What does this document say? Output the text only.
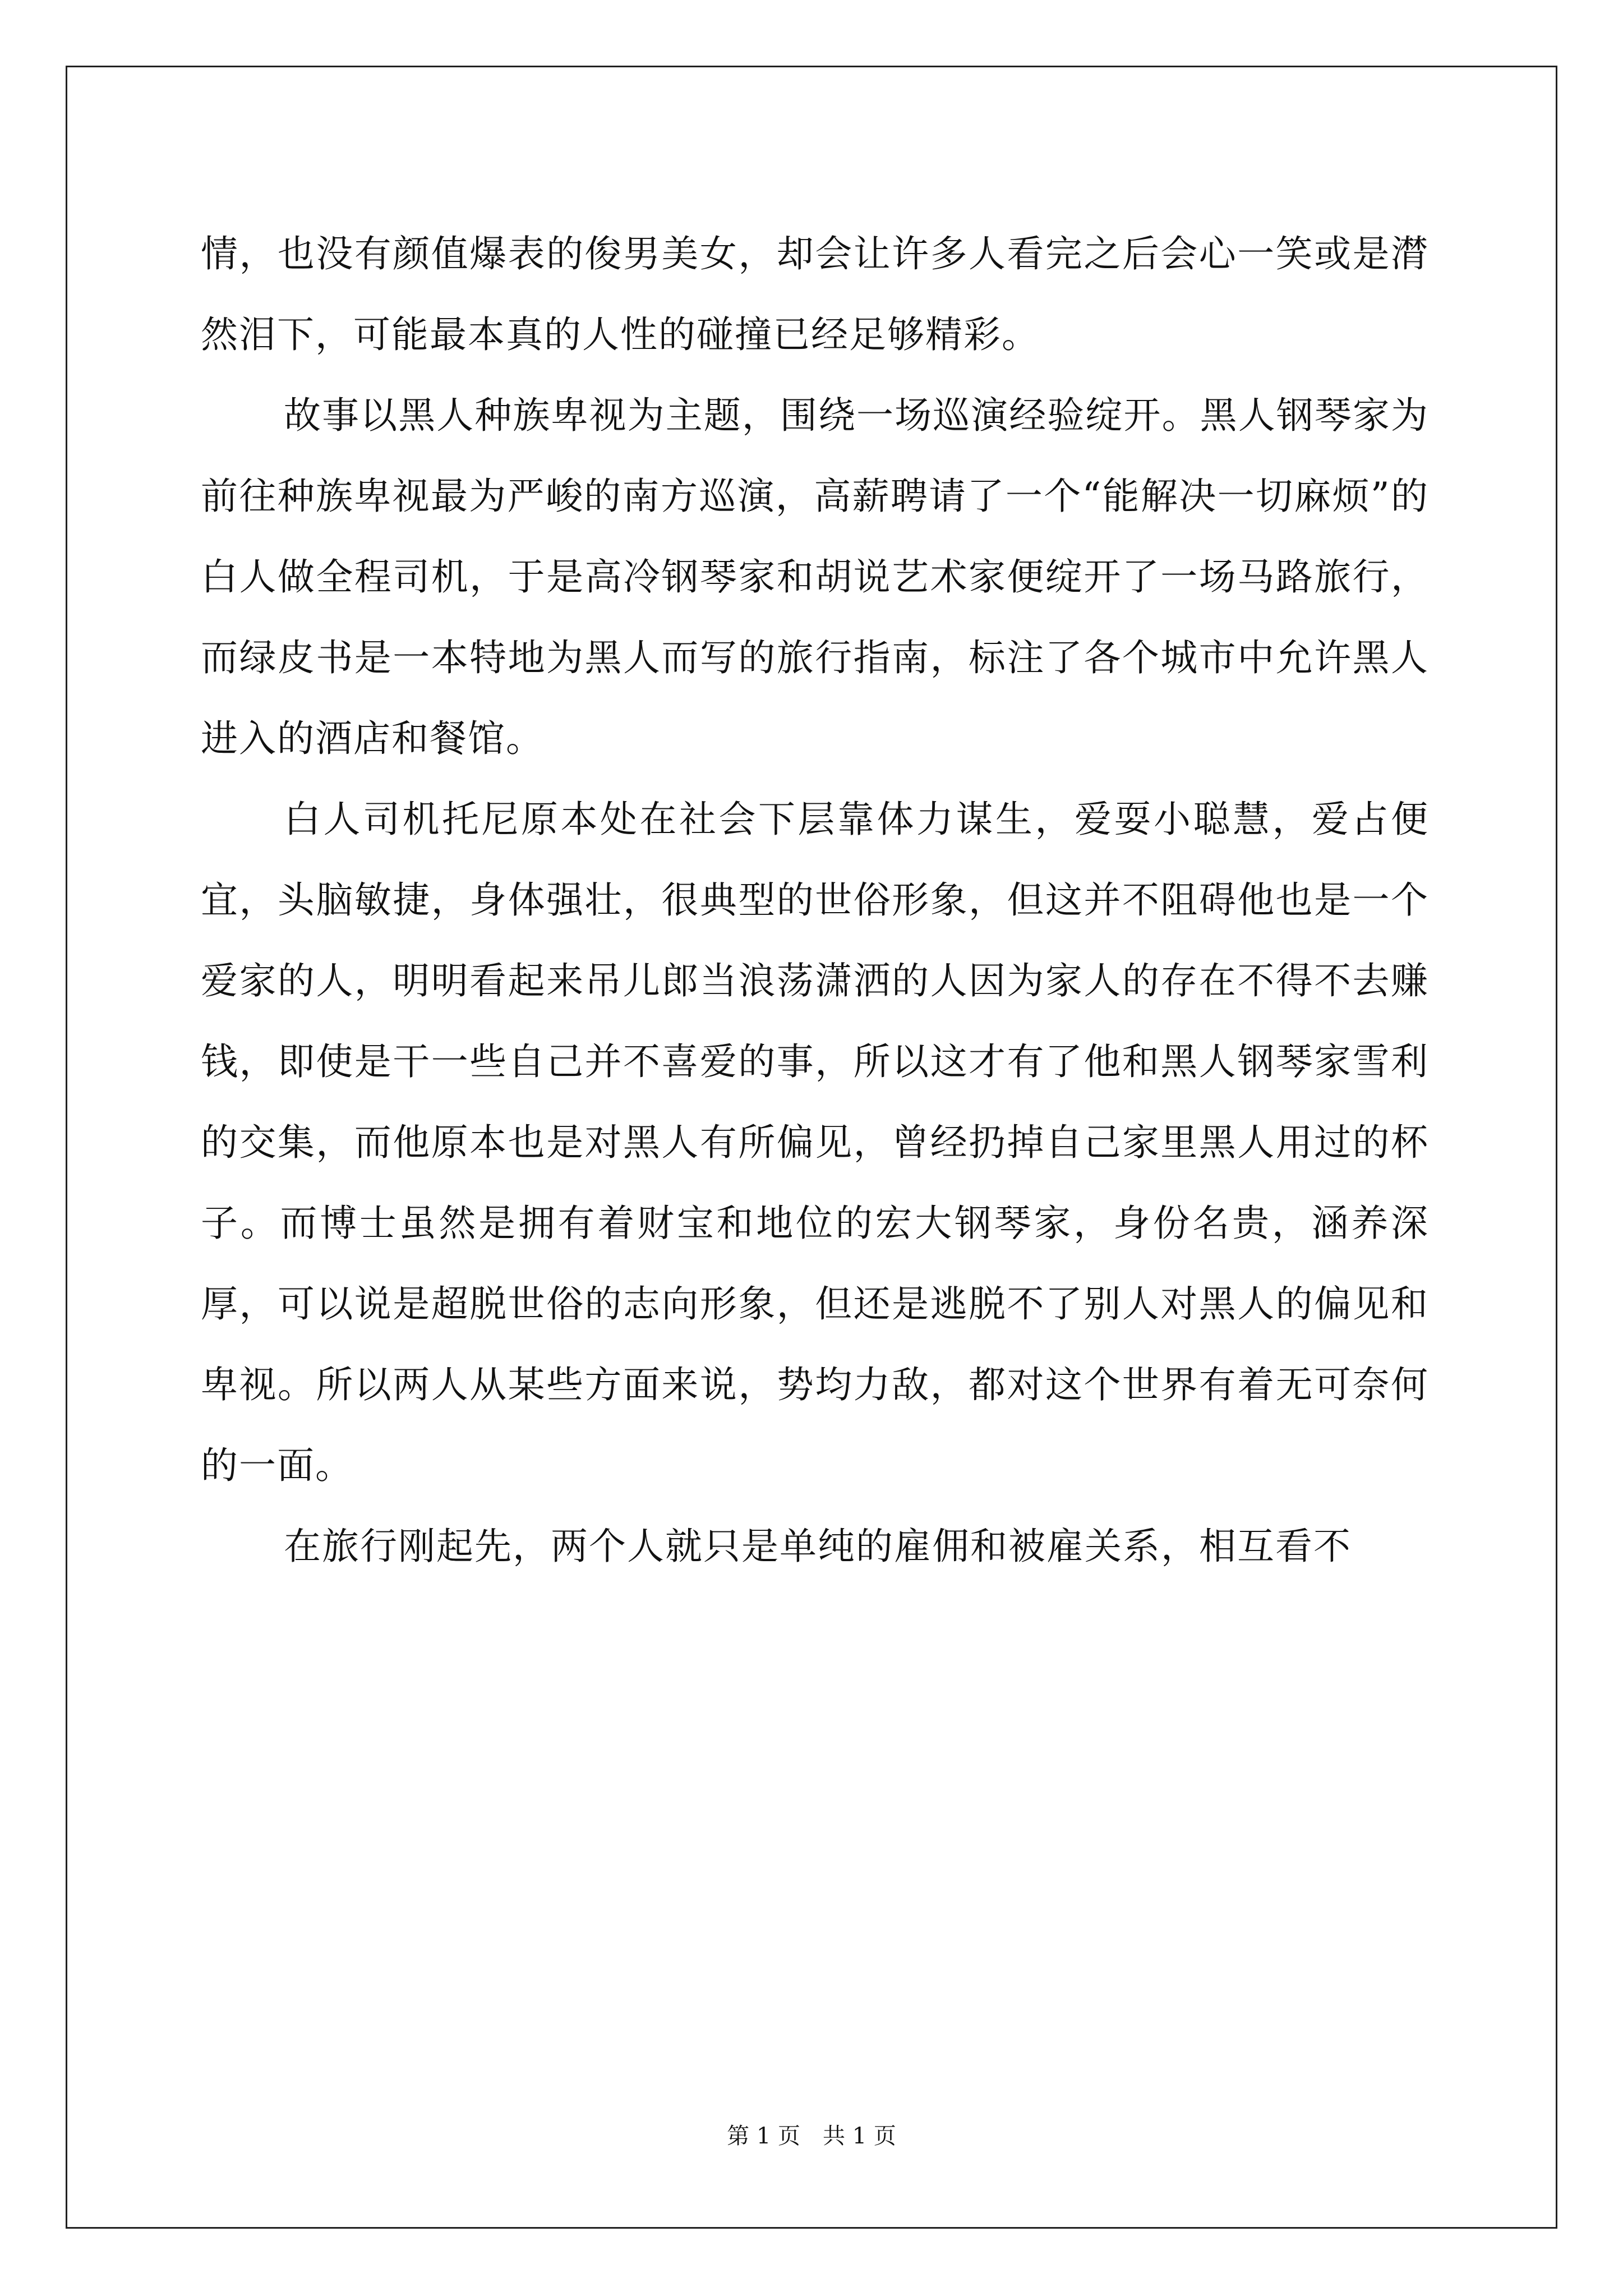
情，也没有颜值爆表的俊男美女，却会让许多人看完之后会心一笑或是潸然泪下，可能最本真的人性的碰撞已经足够精彩。

故事以黑人种族卑视为主题，围绕一场巡演经验绽开。黑人钢琴家为前往种族卑视最为严峻的南方巡演，高薪聘请了一个“能解决一切麻烦”的白人做全程司机，于是高冷钢琴家和胡说艺术家便绽开了一场马路旅行，而绿皮书是一本特地为黑人而写的旅行指南，标注了各个城市中允许黑人进入的酒店和餐馆。

白人司机托尼原本处在社会下层靠体力谋生，爱耍小聪慧，爱占便宜，头脑敏捷，身体强壮，很典型的世俗形象，但这并不阻碍他也是一个爱家的人，明明看起来吊儿郎当浪荡潇洒的人因为家人的存在不得不去赚钱，即使是干一些自己并不喜爱的事，所以这才有了他和黑人钢琴家雪利的交集，而他原本也是对黑人有所偏见，曾经扔掉自己家里黑人用过的杯子。而博士虽然是拥有着财宝和地位的宏大钢琴家，身份名贵，涵养深厚，可以说是超脱世俗的志向形象，但还是逃脱不了别人对黑人的偏见和卑视。所以两人从某些方面来说，势均力敌，都对这个世界有着无可奈何的一面。

在旅行刚起先，两个人就只是单纯的雇佣和被雇关系，相互看不

第 1 页　共 1 页
